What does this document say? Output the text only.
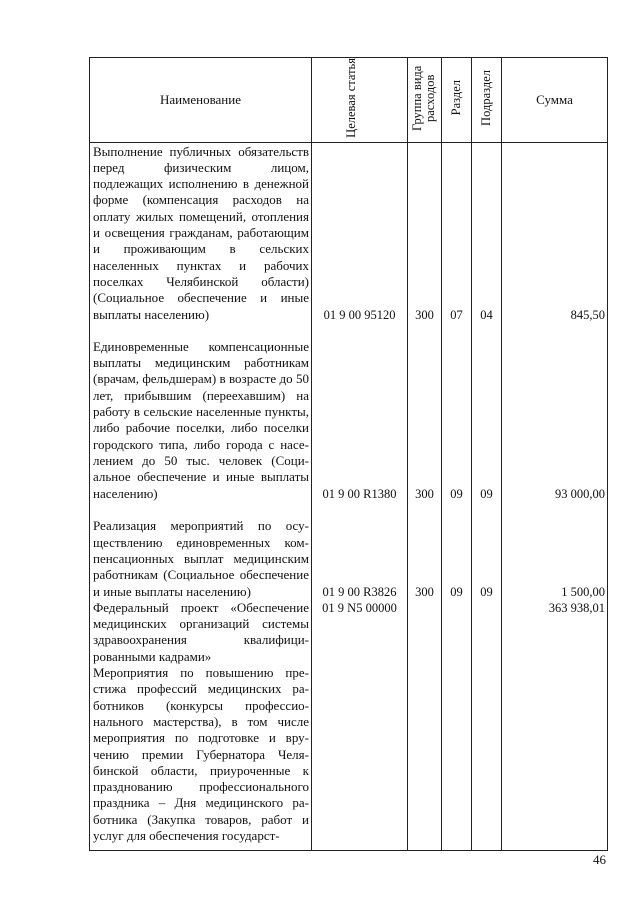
Наименование	Целевая статья	Группа вида расходов	Раздел	Подраздел	Сумма

Выполнение публичных обязательств перед физическим лицом, подлежащих исполнению в денежной форме (компенсация расходов на оплату жилых помещений, отопления и освещения гражданам, работающим и проживающим в сельских населенных пунктах и рабочих поселках Челябинской области) (Социальное обеспечение и иные выплаты населению)	01 9 00 95120	300	07	04	845,50

Единовременные компенсационные выплаты медицинским работникам (врачам, фельдшерам) в возрасте до 50 лет, прибывшим (переехавшим) на работу в сельские населенные пункты, либо рабочие поселки, либо поселки городского типа, либо города с населением до 50 тыс. человек (Социальное обеспечение и иные выплаты населению)	01 9 00 R1380	300	09	09	93 000,00

Реализация мероприятий по осуществлению единовременных компенсационных выплат медицинским работникам (Социальное обеспечение и иные выплаты населению)	01 9 00 R3826	300	09	09	1 500,00

Федеральный проект «Обеспечение медицинских организаций системы здравоохранения квалифицированными кадрами»	01 9 N5 00000				363 938,01

Мероприятия по повышению престижа профессий медицинских работников (конкурсы профессионального мастерства), в том числе мероприятия по подготовке и вручению премии Губернатора Челябинской области, приуроченные к празднованию профессионального праздника – Дня медицинского работника (Закупка товаров, работ и услуг для обеспечения государст-					

46
